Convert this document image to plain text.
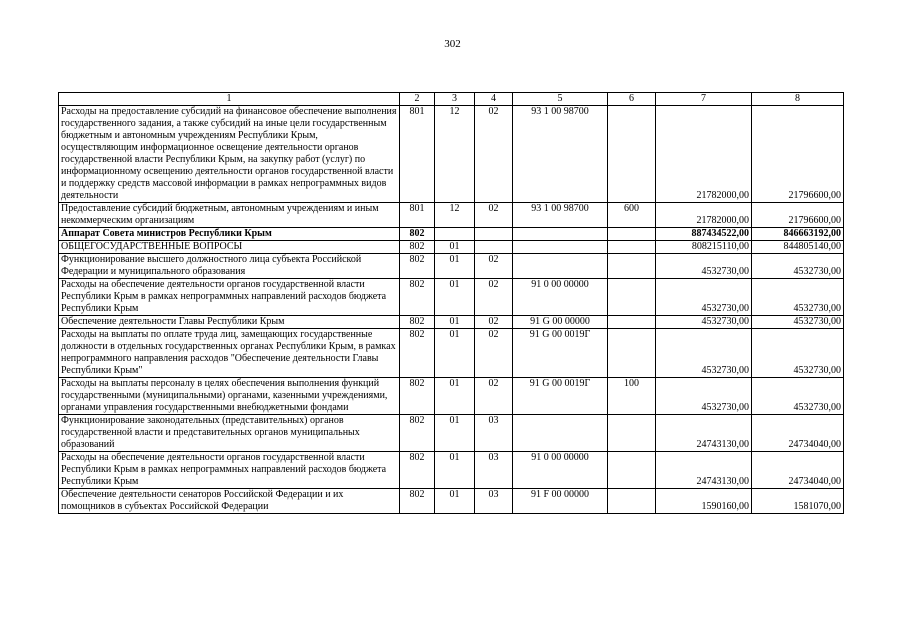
302
1	2	3	4	5	6	7	8
Расходы на предоставление субсидий на финансовое обеспечение выполнения государственного задания, а также субсидий на иные цели государственным бюджетным и автономным учреждениям Республики Крым, осуществляющим информационное освещение деятельности органов государственной власти Республики Крым, на закупку работ (услуг) по информационному освещению деятельности органов государственной власти и поддержку средств массовой информации в рамках непрограммных видов деятельности	801	12	02	93 1 00 98700		21782000,00	21796600,00
Предоставление субсидий бюджетным, автономным учреждениям и иным некоммерческим организациям	801	12	02	93 1 00 98700	600	21782000,00	21796600,00
Аппарат Совета министров Республики Крым	802					887434522,00	846663192,00
ОБЩЕГОСУДАРСТВЕННЫЕ ВОПРОСЫ	802	01				808215110,00	844805140,00
Функционирование высшего должностного лица субъекта Российской Федерации и муниципального образования	802	01	02			4532730,00	4532730,00
Расходы на обеспечение деятельности органов государственной власти Республики Крым в рамках непрограммных направлений расходов бюджета Республики Крым	802	01	02	91 0 00 00000		4532730,00	4532730,00
Обеспечение деятельности Главы Республики Крым	802	01	02	91 G 00 00000		4532730,00	4532730,00
Расходы на выплаты по оплате труда лиц, замещающих государственные должности в отдельных государственных органах Республики Крым, в рамках непрограммного направления расходов "Обеспечение деятельности Главы Республики Крым"	802	01	02	91 G 00 0019Г		4532730,00	4532730,00
Расходы на выплаты персоналу в целях обеспечения выполнения функций государственными (муниципальными) органами, казенными учреждениями, органами управления государственными внебюджетными фондами	802	01	02	91 G 00 0019Г	100	4532730,00	4532730,00
Функционирование законодательных (представительных) органов государственной власти и представительных органов муниципальных образований	802	01	03			24743130,00	24734040,00
Расходы на обеспечение деятельности органов государственной власти Республики Крым в рамках непрограммных направлений расходов бюджета Республики Крым	802	01	03	91 0 00 00000		24743130,00	24734040,00
Обеспечение деятельности сенаторов Российской Федерации и их помощников в субъектах Российской Федерации	802	01	03	91 F 00 00000		1590160,00	1581070,00
